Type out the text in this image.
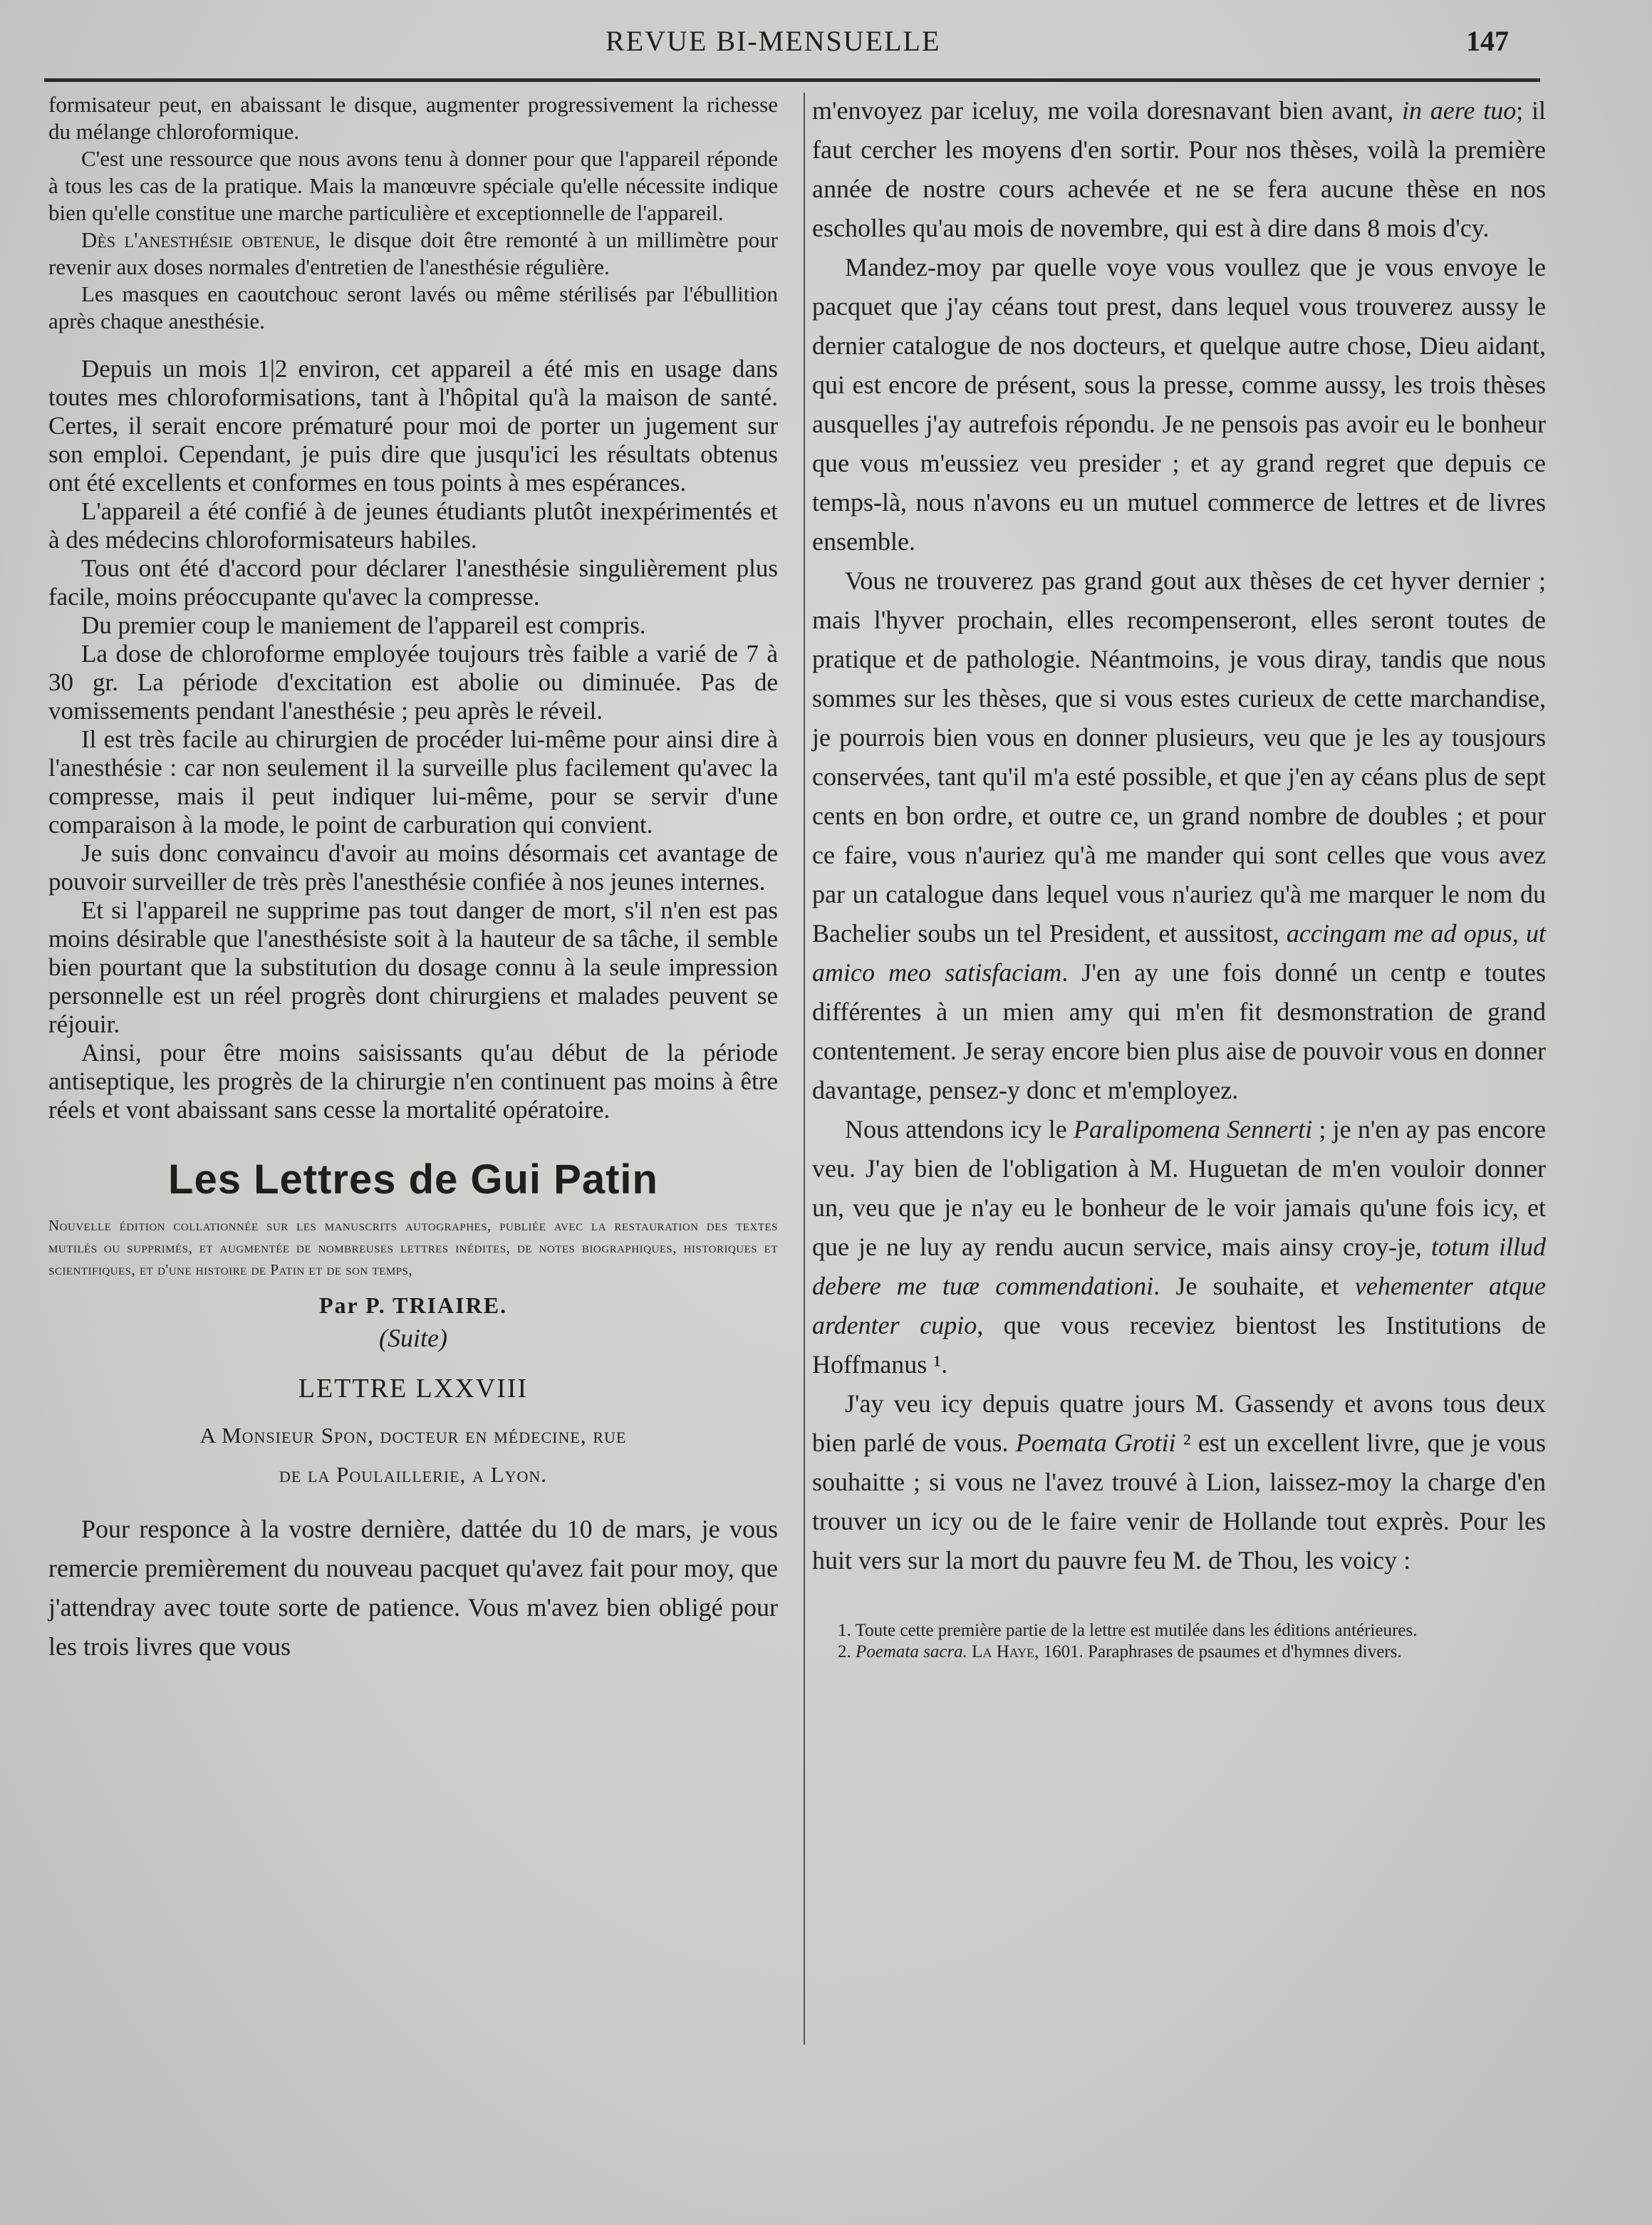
REVUE BI-MENSUELLE	147

formisateur peut, en abaissant le disque, augmenter progressivement la richesse du mélange chloroformique.

C'est une ressource que nous avons tenu à donner pour que l'appareil réponde à tous les cas de la pratique. Mais la manœuvre spéciale qu'elle nécessite indique bien qu'elle constitue une marche particulière et exceptionnelle de l'appareil.

Dès l'anesthésie obtenue, le disque doit être remonté à un millimètre pour revenir aux doses normales d'entretien de l'anesthésie régulière.

Les masques en caoutchouc seront lavés ou même stérilisés par l'ébullition après chaque anesthésie.

Depuis un mois 1|2 environ, cet appareil a été mis en usage dans toutes mes chloroformisations, tant à l'hôpital qu'à la maison de santé. Certes, il serait encore prématuré pour moi de porter un jugement sur son emploi. Cependant, je puis dire que jusqu'ici les résultats obtenus ont été excellents et conformes en tous points à mes espérances.

L'appareil a été confié à de jeunes étudiants plutôt inexpérimentés et à des médecins chloroformisateurs habiles.

Tous ont été d'accord pour déclarer l'anesthésie singulièrement plus facile, moins préoccupante qu'avec la compresse.

Du premier coup le maniement de l'appareil est compris.

La dose de chloroforme employée toujours très faible a varié de 7 à 30 gr. La période d'excitation est abolie ou diminuée. Pas de vomissements pendant l'anesthésie ; peu après le réveil.

Il est très facile au chirurgien de procéder lui-même pour ainsi dire à l'anesthésie : car non seulement il la surveille plus facilement qu'avec la compresse, mais il peut indiquer lui-même, pour se servir d'une comparaison à la mode, le point de carburation qui convient.

Je suis donc convaincu d'avoir au moins désormais cet avantage de pouvoir surveiller de très près l'anesthésie confiée à nos jeunes internes.

Et si l'appareil ne supprime pas tout danger de mort, s'il n'en est pas moins désirable que l'anesthésiste soit à la hauteur de sa tâche, il semble bien pourtant que la substitution du dosage connu à la seule impression personnelle est un réel progrès dont chirurgiens et malades peuvent se réjouir.

Ainsi, pour être moins saisissants qu'au début de la période antiseptique, les progrès de la chirurgie n'en continuent pas moins à être réels et vont abaissant sans cesse la mortalité opératoire.

Les Lettres de Gui Patin
Nouvelle édition collationnée sur les manuscrits autographes, publiée avec la restauration des textes mutilés ou supprimés, et augmentée de nombreuses lettres inédites, de notes biographiques, historiques et scientifiques, et d'une histoire de Patin et de son temps,
Par P. TRIAIRE.
(Suite)
LETTRE LXXVIII
A Monsieur Spon, docteur en médecine, rue
de la Poulaillerie, a Lyon.

Pour responce à la vostre dernière, dattée du 10 de mars, je vous remercie premièrement du nouveau pacquet qu'avez fait pour moy, que j'attendray avec toute sorte de patience. Vous m'avez bien obligé pour les trois livres que vous

m'envoyez par iceluy, me voila doresnavant bien avant, in aere tuo; il faut cercher les moyens d'en sortir. Pour nos thèses, voilà la première année de nostre cours achevée et ne se fera aucune thèse en nos escholles qu'au mois de novembre, qui est à dire dans 8 mois d'cy.

Mandez-moy par quelle voye vous voullez que je vous envoye le pacquet que j'ay céans tout prest, dans lequel vous trouverez aussy le dernier catalogue de nos docteurs, et quelque autre chose, Dieu aidant, qui est encore de présent, sous la presse, comme aussy, les trois thèses ausquelles j'ay autrefois répondu. Je ne pensois pas avoir eu le bonheur que vous m'eussiez veu presider ; et ay grand regret que depuis ce temps-là, nous n'avons eu un mutuel commerce de lettres et de livres ensemble.

Vous ne trouverez pas grand gout aux thèses de cet hyver dernier ; mais l'hyver prochain, elles recompenseront, elles seront toutes de pratique et de pathologie. Néantmoins, je vous diray, tandis que nous sommes sur les thèses, que si vous estes curieux de cette marchandise, je pourrois bien vous en donner plusieurs, veu que je les ay tousjours conservées, tant qu'il m'a esté possible, et que j'en ay céans plus de sept cents en bon ordre, et outre ce, un grand nombre de doubles ; et pour ce faire, vous n'auriez qu'à me mander qui sont celles que vous avez par un catalogue dans lequel vous n'auriez qu'à me marquer le nom du Bachelier soubs un tel President, et aussitost, accingam me ad opus, ut amico meo satisfaciam. J'en ay une fois donné un centp e toutes différentes à un mien amy qui m'en fit desmonstration de grand contentement. Je seray encore bien plus aise de pouvoir vous en donner davantage, pensez-y donc et m'employez.

Nous attendons icy le Paralipomena Sennerti ; je n'en ay pas encore veu. J'ay bien de l'obligation à M. Huguetan de m'en vouloir donner un, veu que je n'ay eu le bonheur de le voir jamais qu'une fois icy, et que je ne luy ay rendu aucun service, mais ainsy croy-je, totum illud debere me tuæ commendationi. Je souhaite, et vehementer atque ardenter cupio, que vous receviez bientost les Institutions de Hoffmanus ¹.

J'ay veu icy depuis quatre jours M. Gassendy et avons tous deux bien parlé de vous. Poemata Grotii ² est un excellent livre, que je vous souhaitte ; si vous ne l'avez trouvé à Lion, laissez-moy la charge d'en trouver un icy ou de le faire venir de Hollande tout exprès. Pour les huit vers sur la mort du pauvre feu M. de Thou, les voicy :

1. Toute cette première partie de la lettre est mutilée dans les éditions antérieures.

2. Poemata sacra. La Haye, 1601. Paraphrases de psaumes et d'hymnes divers.
